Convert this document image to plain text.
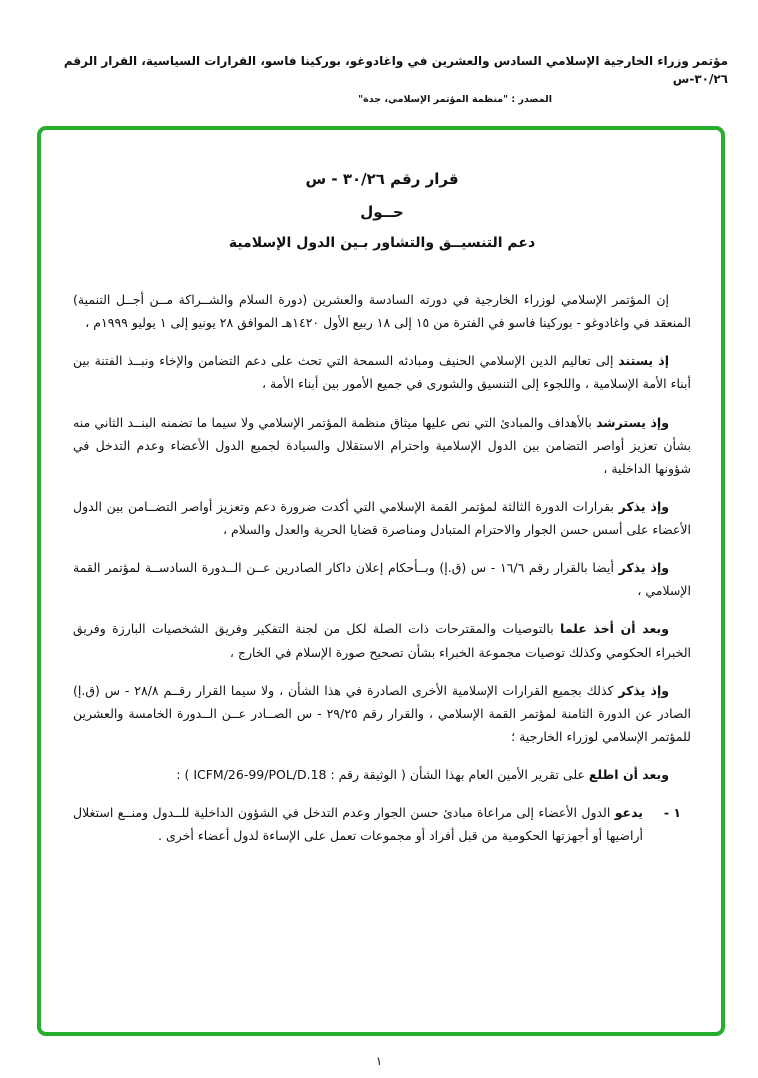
مؤتمر وزراء الخارجية الإسلامي السادس والعشرين في واغادوغو، بوركينا فاسو، القرارات السياسية، القرار الرقم ٣٠/٢٦-س
المصدر : "منظمة المؤتمر الإسلامي، جدة"
قرار رقم ٣٠/٢٦ - س
حــول
دعم التنسيــق والتشاور بـين الدول الإسلامية

إن المؤتمر الإسلامي لوزراء الخارجية في دورته السادسة والعشرين (دورة السلام والشــراكة مــن أجــل التنمية) المنعقد في واغادوغو - بوركينا فاسو في الفترة من ١٥ إلى ١٨ ربيع الأول ١٤٢٠هـ الموافق ٢٨ يونيو إلى ١ يوليو ١٩٩٩م ،

إذ يستند إلى تعاليم الدين الإسلامي الحنيف ومبادئه السمحة التي تحث على دعم التضامن والإخاء ونبــذ الفتنة بين أبناء الأمة الإسلامية ، واللجوء إلى التنسيق والشورى في جميع الأمور بين أبناء الأمة ،

وإذ يسترشد بالأهداف والمبادئ التي نص عليها ميثاق منظمة المؤتمر الإسلامي ولا سيما ما تضمنه البنــد الثاني منه بشأن تعزيز أواصر التضامن بين الدول الإسلامية واحترام الاستقلال والسيادة لجميع الدول الأعضاء وعدم التدخل في شؤونها الداخلية ،

وإذ يذكر بقرارات الدورة الثالثة لمؤتمر القمة الإسلامي التي أكدت ضرورة دعم وتعزيز أواصر التضــامن بين الدول الأعضاء على أسس حسن الجوار والاحترام المتبادل ومناصرة قضايا الحرية والعدل والسلام ،

وإذ يذكر أيضا بالقرار رقم ١٦/٦ - س (ق.إ) وبــأحكام إعلان داكار الصادرين عــن الــدورة السادســة لمؤتمر القمة الإسلامي ،

وبعد أن أخذ علما بالتوصيات والمقترحات ذات الصلة لكل من لجنة التفكير وفريق الشخصيات البارزة وفريق الخبراء الحكومي وكذلك توصيات مجموعة الخبراء بشأن تصحيح صورة الإسلام في الخارج ،

وإذ يذكر كذلك بجميع القرارات الإسلامية الأخرى الصادرة في هذا الشأن ، ولا سيما القرار رقــم ٢٨/٨ - س (ق.إ) الصادر عن الدورة الثامنة لمؤتمر القمة الإسلامي ، والقرار رقم ٢٩/٢٥ - س الصــادر عــن الــدورة الخامسة والعشرين للمؤتمر الإسلامي لوزراء الخارجية ؛

وبعد أن اطلع على تقرير الأمين العام بهذا الشأن ( الوثيقة رقم : ICFM/26-99/POL/D.18 ) :

١ -
يدعو الدول الأعضاء إلى مراعاة مبادئ حسن الجوار وعدم التدخل في الشؤون الداخلية للــدول ومنــع استغلال أراضيها أو أجهزتها الحكومية من قبل أفراد أو مجموعات تعمل على الإساءة لدول أعضاء أخرى .
١
